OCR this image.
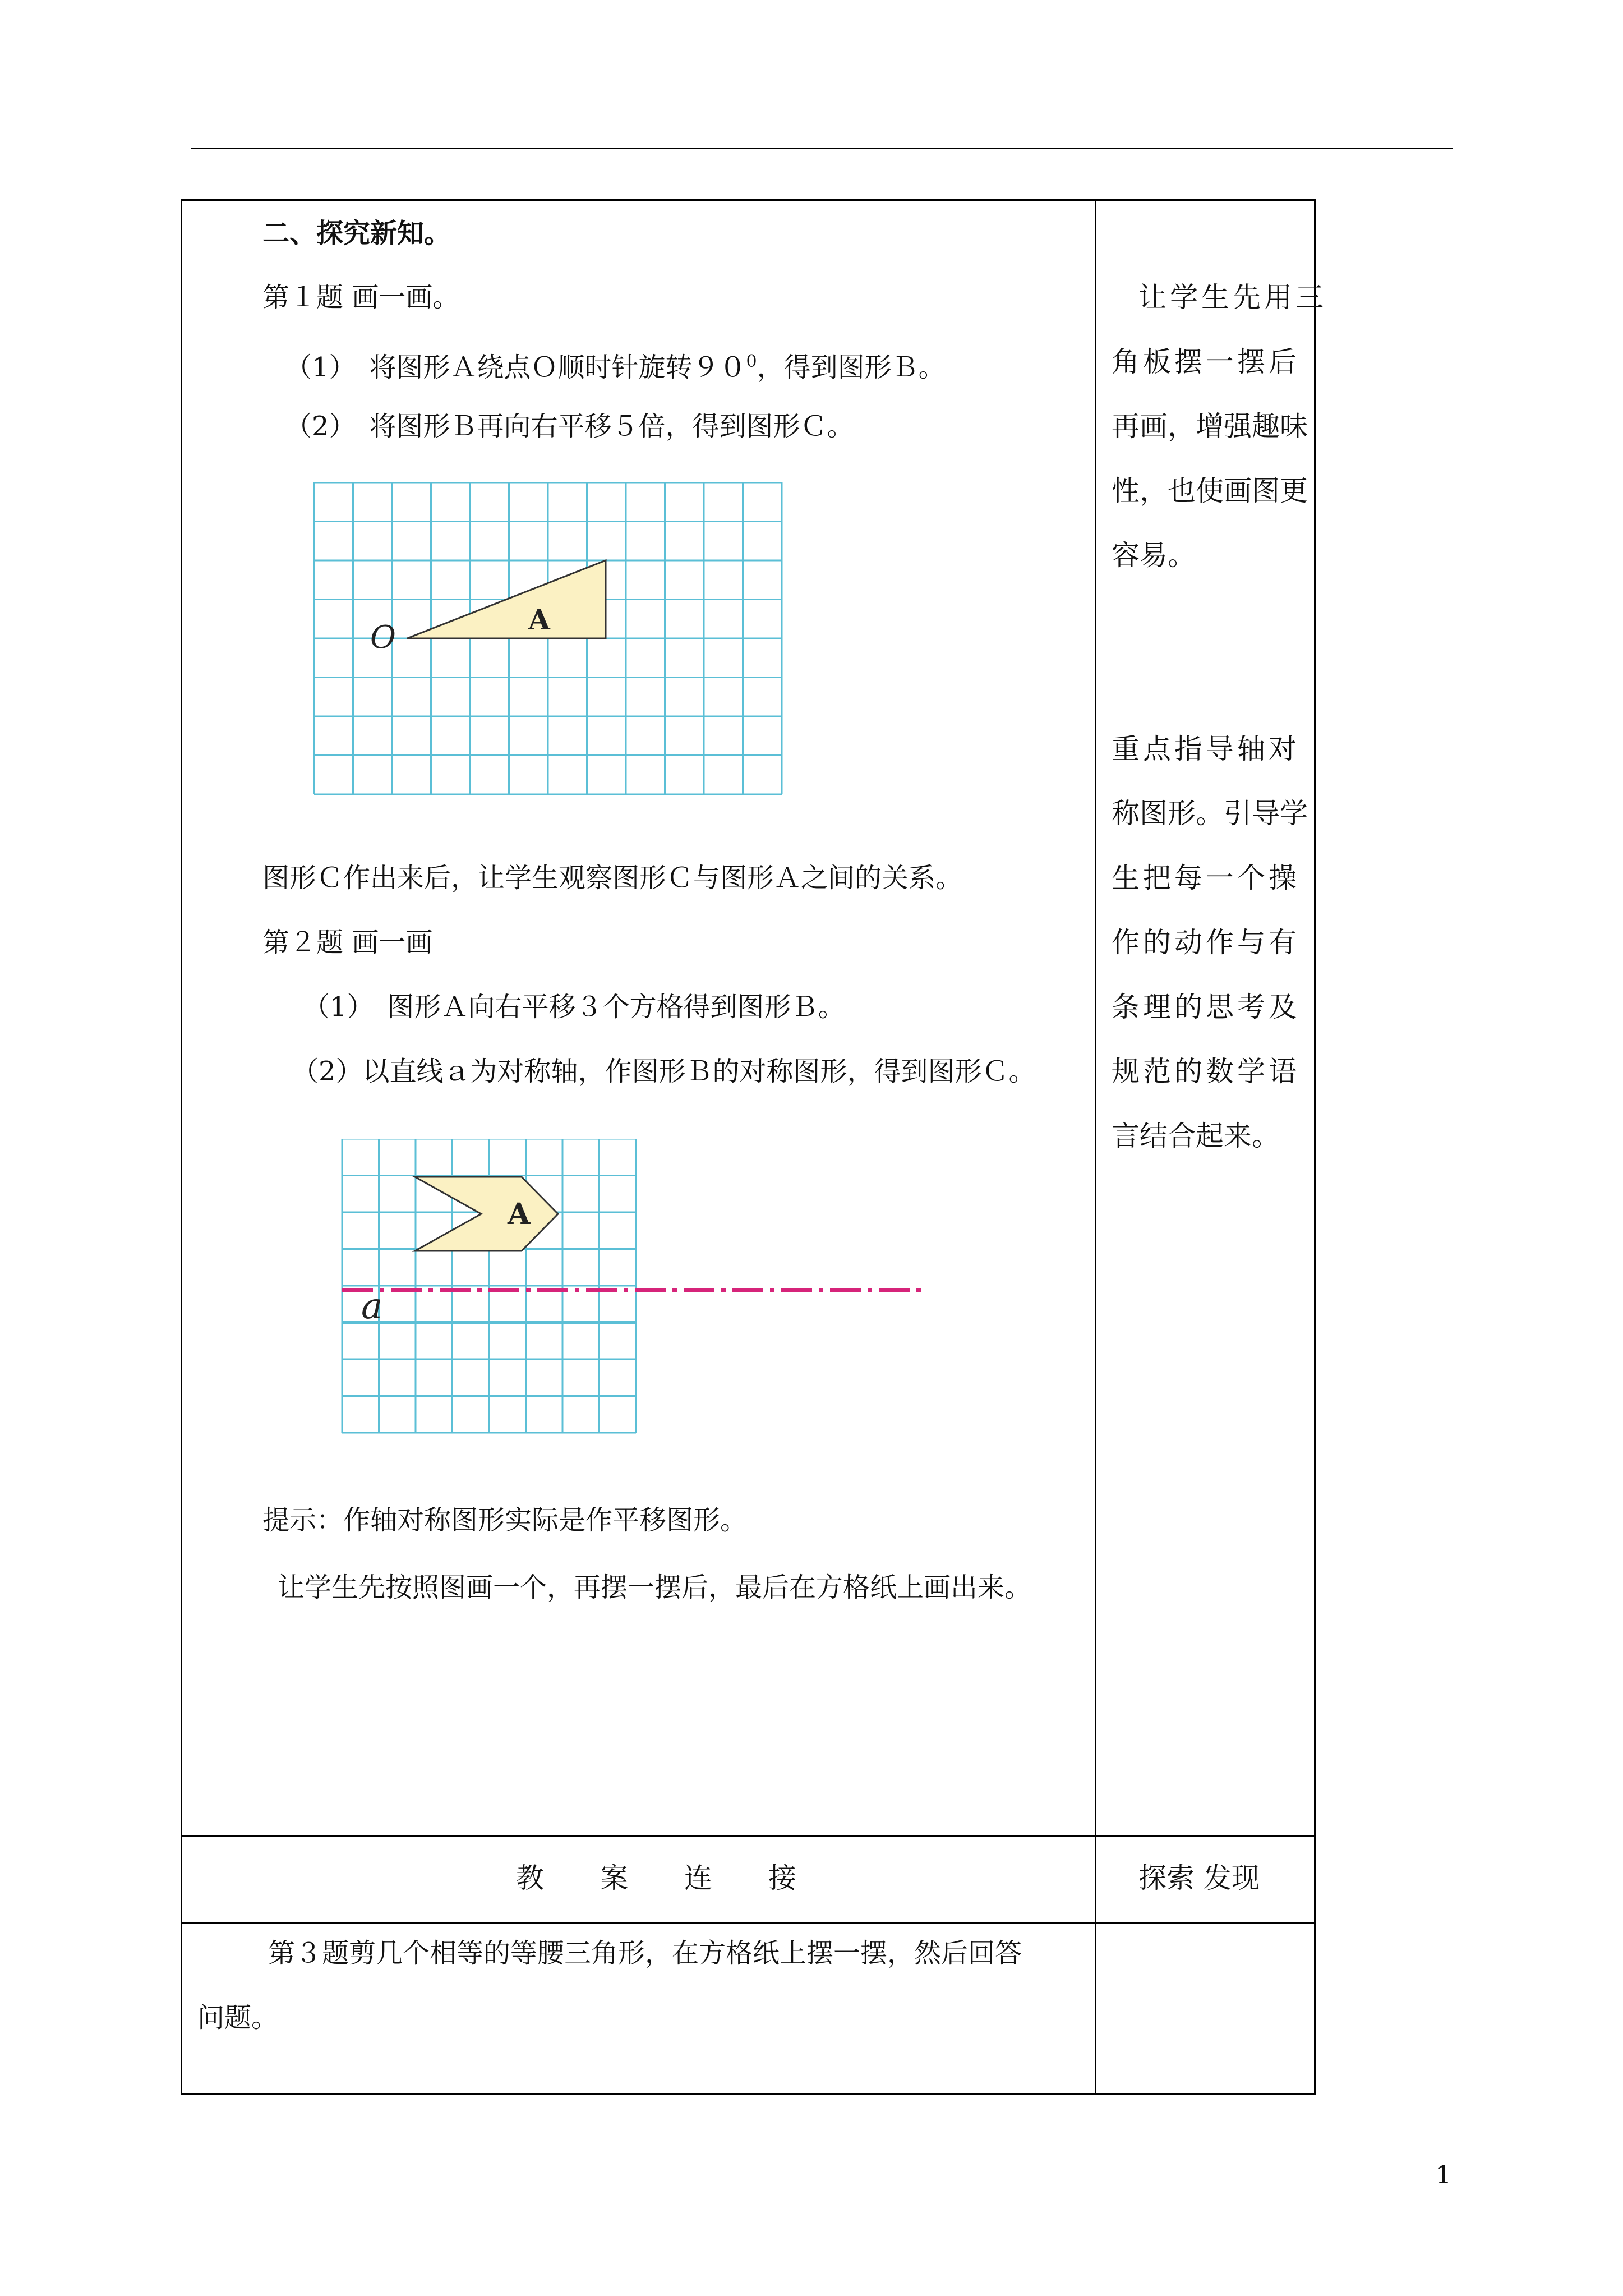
二、探究新知。
第１题 画一画。
（1）　将图形Ａ绕点Ｏ顺时针旋转$90^0$，得到图形Ｂ。
（2）　将图形Ｂ再向右平移５倍，得到图形Ｃ。
A
O
图形Ｃ作出来后，让学生观察图形Ｃ与图形Ａ之间的关系。
第２题 画一画
（1）　图形Ａ向右平移３个方格得到图形Ｂ。
（2）以直线ａ为对称轴，作图形Ｂ的对称图形，得到图形Ｃ。
A
a
提示：作轴对称图形实际是作平移图形。
让学生先按照图画一个，再摆一摆后，最后在方格纸上画出来。
让学生先用三
角板摆一摆后
再画，增强趣味
性，也使画图更
容易。
重点指导轴对
称图形。引导学
生把每一个操
作的动作与有
条理的思考及
规范的数学语
言结合起来。
教　　案　　连　　接	探索 发现
第３题剪几个相等的等腰三角形，在方格纸上摆一摆，然后回答
问题。
1
